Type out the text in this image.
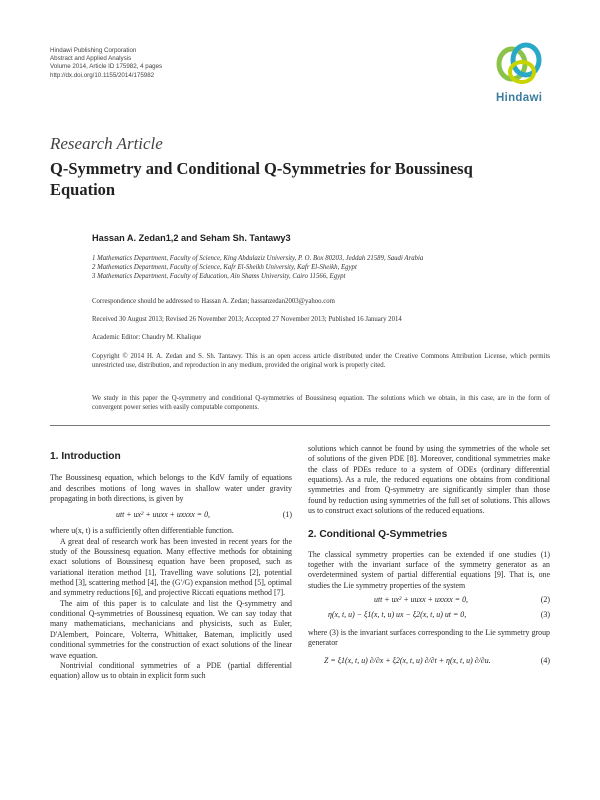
Hindawi Publishing Corporation
Abstract and Applied Analysis
Volume 2014, Article ID 175982, 4 pages
http://dx.doi.org/10.1155/2014/175982
Hindawi
Research Article
Q-Symmetry and Conditional Q-Symmetries for Boussinesq Equation
Hassan A. Zedan1,2 and Seham Sh. Tantawy3
1 Mathematics Department, Faculty of Science, King Abdulaziz University, P. O. Box 80203, Jeddah 21589, Saudi Arabia
2 Mathematics Department, Faculty of Science, Kafr El-Sheikh University, Kafr El-Sheikh, Egypt
3 Mathematics Department, Faculty of Education, Ain Shams University, Cairo 11566, Egypt
Correspondence should be addressed to Hassan A. Zedan; hassanzedan2003@yahoo.com
Received 30 August 2013; Revised 26 November 2013; Accepted 27 November 2013; Published 16 January 2014
Academic Editor: Chaudry M. Khalique
Copyright © 2014 H. A. Zedan and S. Sh. Tantawy. This is an open access article distributed under the Creative Commons Attribution License, which permits unrestricted use, distribution, and reproduction in any medium, provided the original work is properly cited.
We study in this paper the Q-symmetry and conditional Q-symmetries of Boussinesq equation. The solutions which we obtain, in this case, are in the form of convergent power series with easily computable components.
1. Introduction

The Boussinesq equation, which belongs to the KdV family of equations and describes motions of long waves in shallow water under gravity propagating in both directions, is given by

utt + ux² + uuxx + uxxxx = 0,	(1)

where u(x, t) is a sufficiently often differentiable function.

A great deal of research work has been invested in recent years for the study of the Boussinesq equation. Many effective methods for obtaining exact solutions of Boussinesq equation have been proposed, such as variational iteration method [1], Travelling wave solutions [2], potential method [3], scattering method [4], the (G′/G) expansion method [5], optimal and symmetry reductions [6], and projective Riccati equations method [7].

The aim of this paper is to calculate and list the Q-symmetry and conditional Q-symmetries of Boussinesq equation. We can say today that many mathematicians, mechanicians and physicists, such as Euler, D'Alembert, Poincare, Volterra, Whittaker, Bateman, implicitly used conditional symmetries for the construction of exact solutions of the linear wave equation.

Nontrivial conditional symmetries of a PDE (partial differential equation) allow us to obtain in explicit form such

solutions which cannot be found by using the symmetries of the whole set of solutions of the given PDE [8]. Moreover, conditional symmetries make the class of PDEs reduce to a system of ODEs (ordinary differential equations). As a rule, the reduced equations one obtains from conditional symmetries and from Q-symmetry are significantly simpler than those found by reduction using symmetries of the full set of solutions. This allows us to construct exact solutions of the reduced equations.

2. Conditional Q-Symmetries

The classical symmetry properties can be extended if one studies (1) together with the invariant surface of the symmetry generator as an overdetermined system of partial differential equations [9]. That is, one studies the Lie symmetry properties of the system

utt + ux² + uuxx + uxxxx = 0,	(2)
η(x, t, u) − ξ1(x, t, u) ux − ξ2(x, t, u) ut = 0,	(3)

where (3) is the invariant surfaces corresponding to the Lie symmetry group generator

Z = ξ1(x, t, u) ∂/∂x + ξ2(x, t, u) ∂/∂t + η(x, t, u) ∂/∂u.	(4)
